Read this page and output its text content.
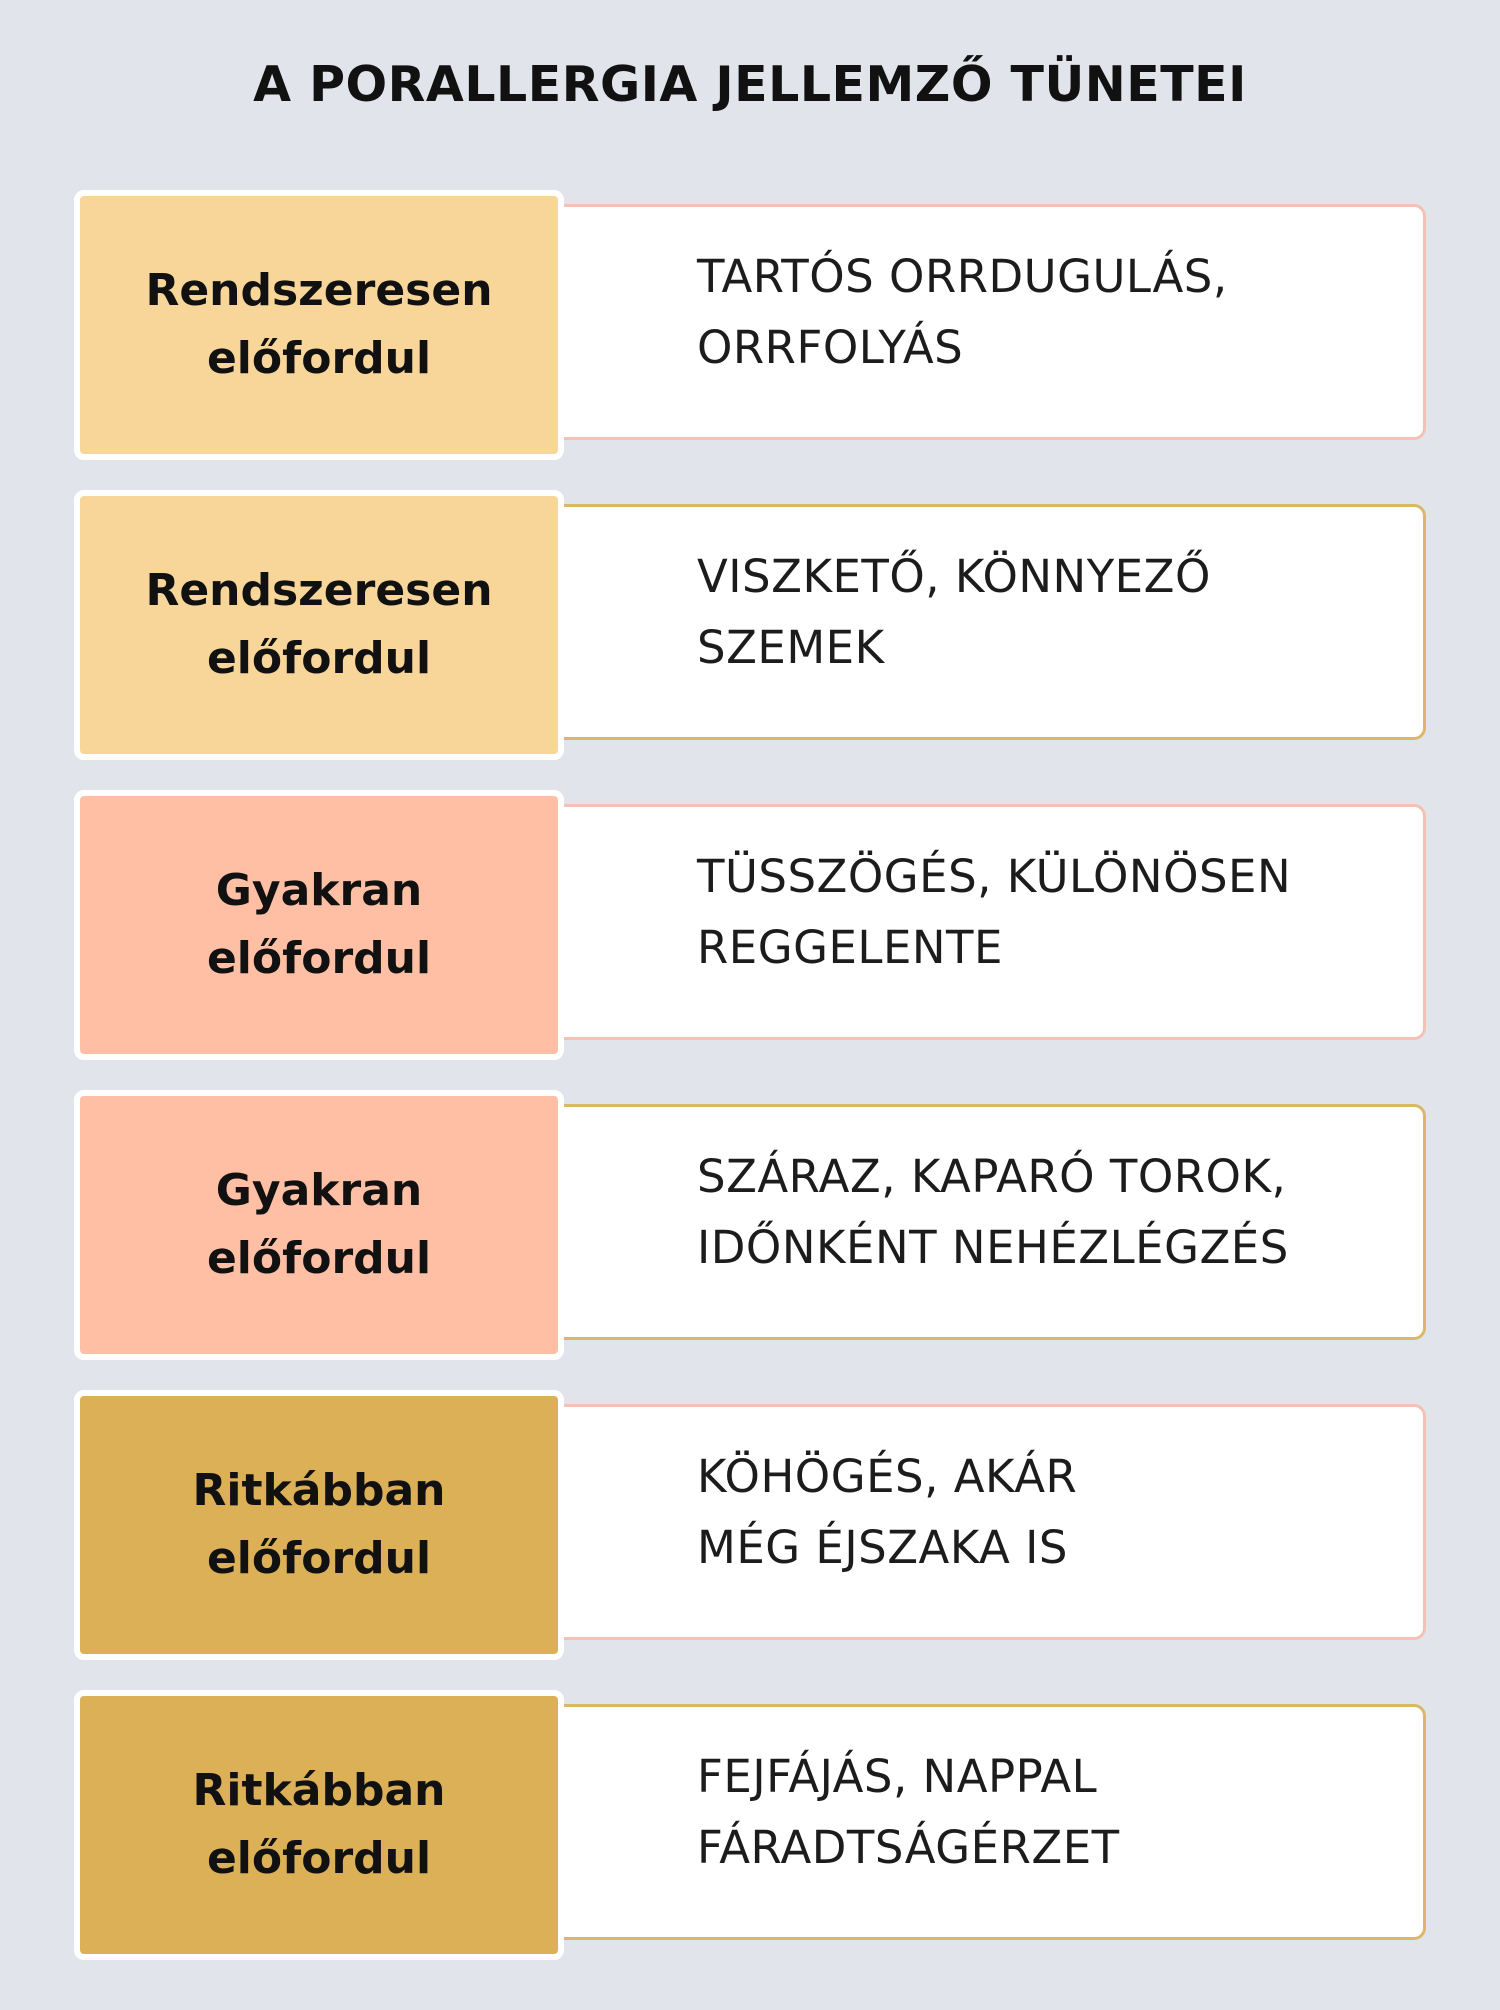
A PORALLERGIA JELLEMZŐ TÜNETEI
Rendszeresen
előfordul
TARTÓS ORRDUGULÁS,
ORRFOLYÁS
Rendszeresen
előfordul
VISZKETŐ, KÖNNYEZŐ
SZEMEK
Gyakran
előfordul
TÜSSZÖGÉS, KÜLÖNÖSEN
REGGELENTE
Gyakran
előfordul
SZÁRAZ, KAPARÓ TOROK,
IDŐNKÉNT NEHÉZLÉGZÉS
Ritkábban
előfordul
KÖHÖGÉS, AKÁR
MÉG ÉJSZAKA IS
Ritkábban
előfordul
FEJFÁJÁS, NAPPAL
FÁRADTSÁGÉRZET
